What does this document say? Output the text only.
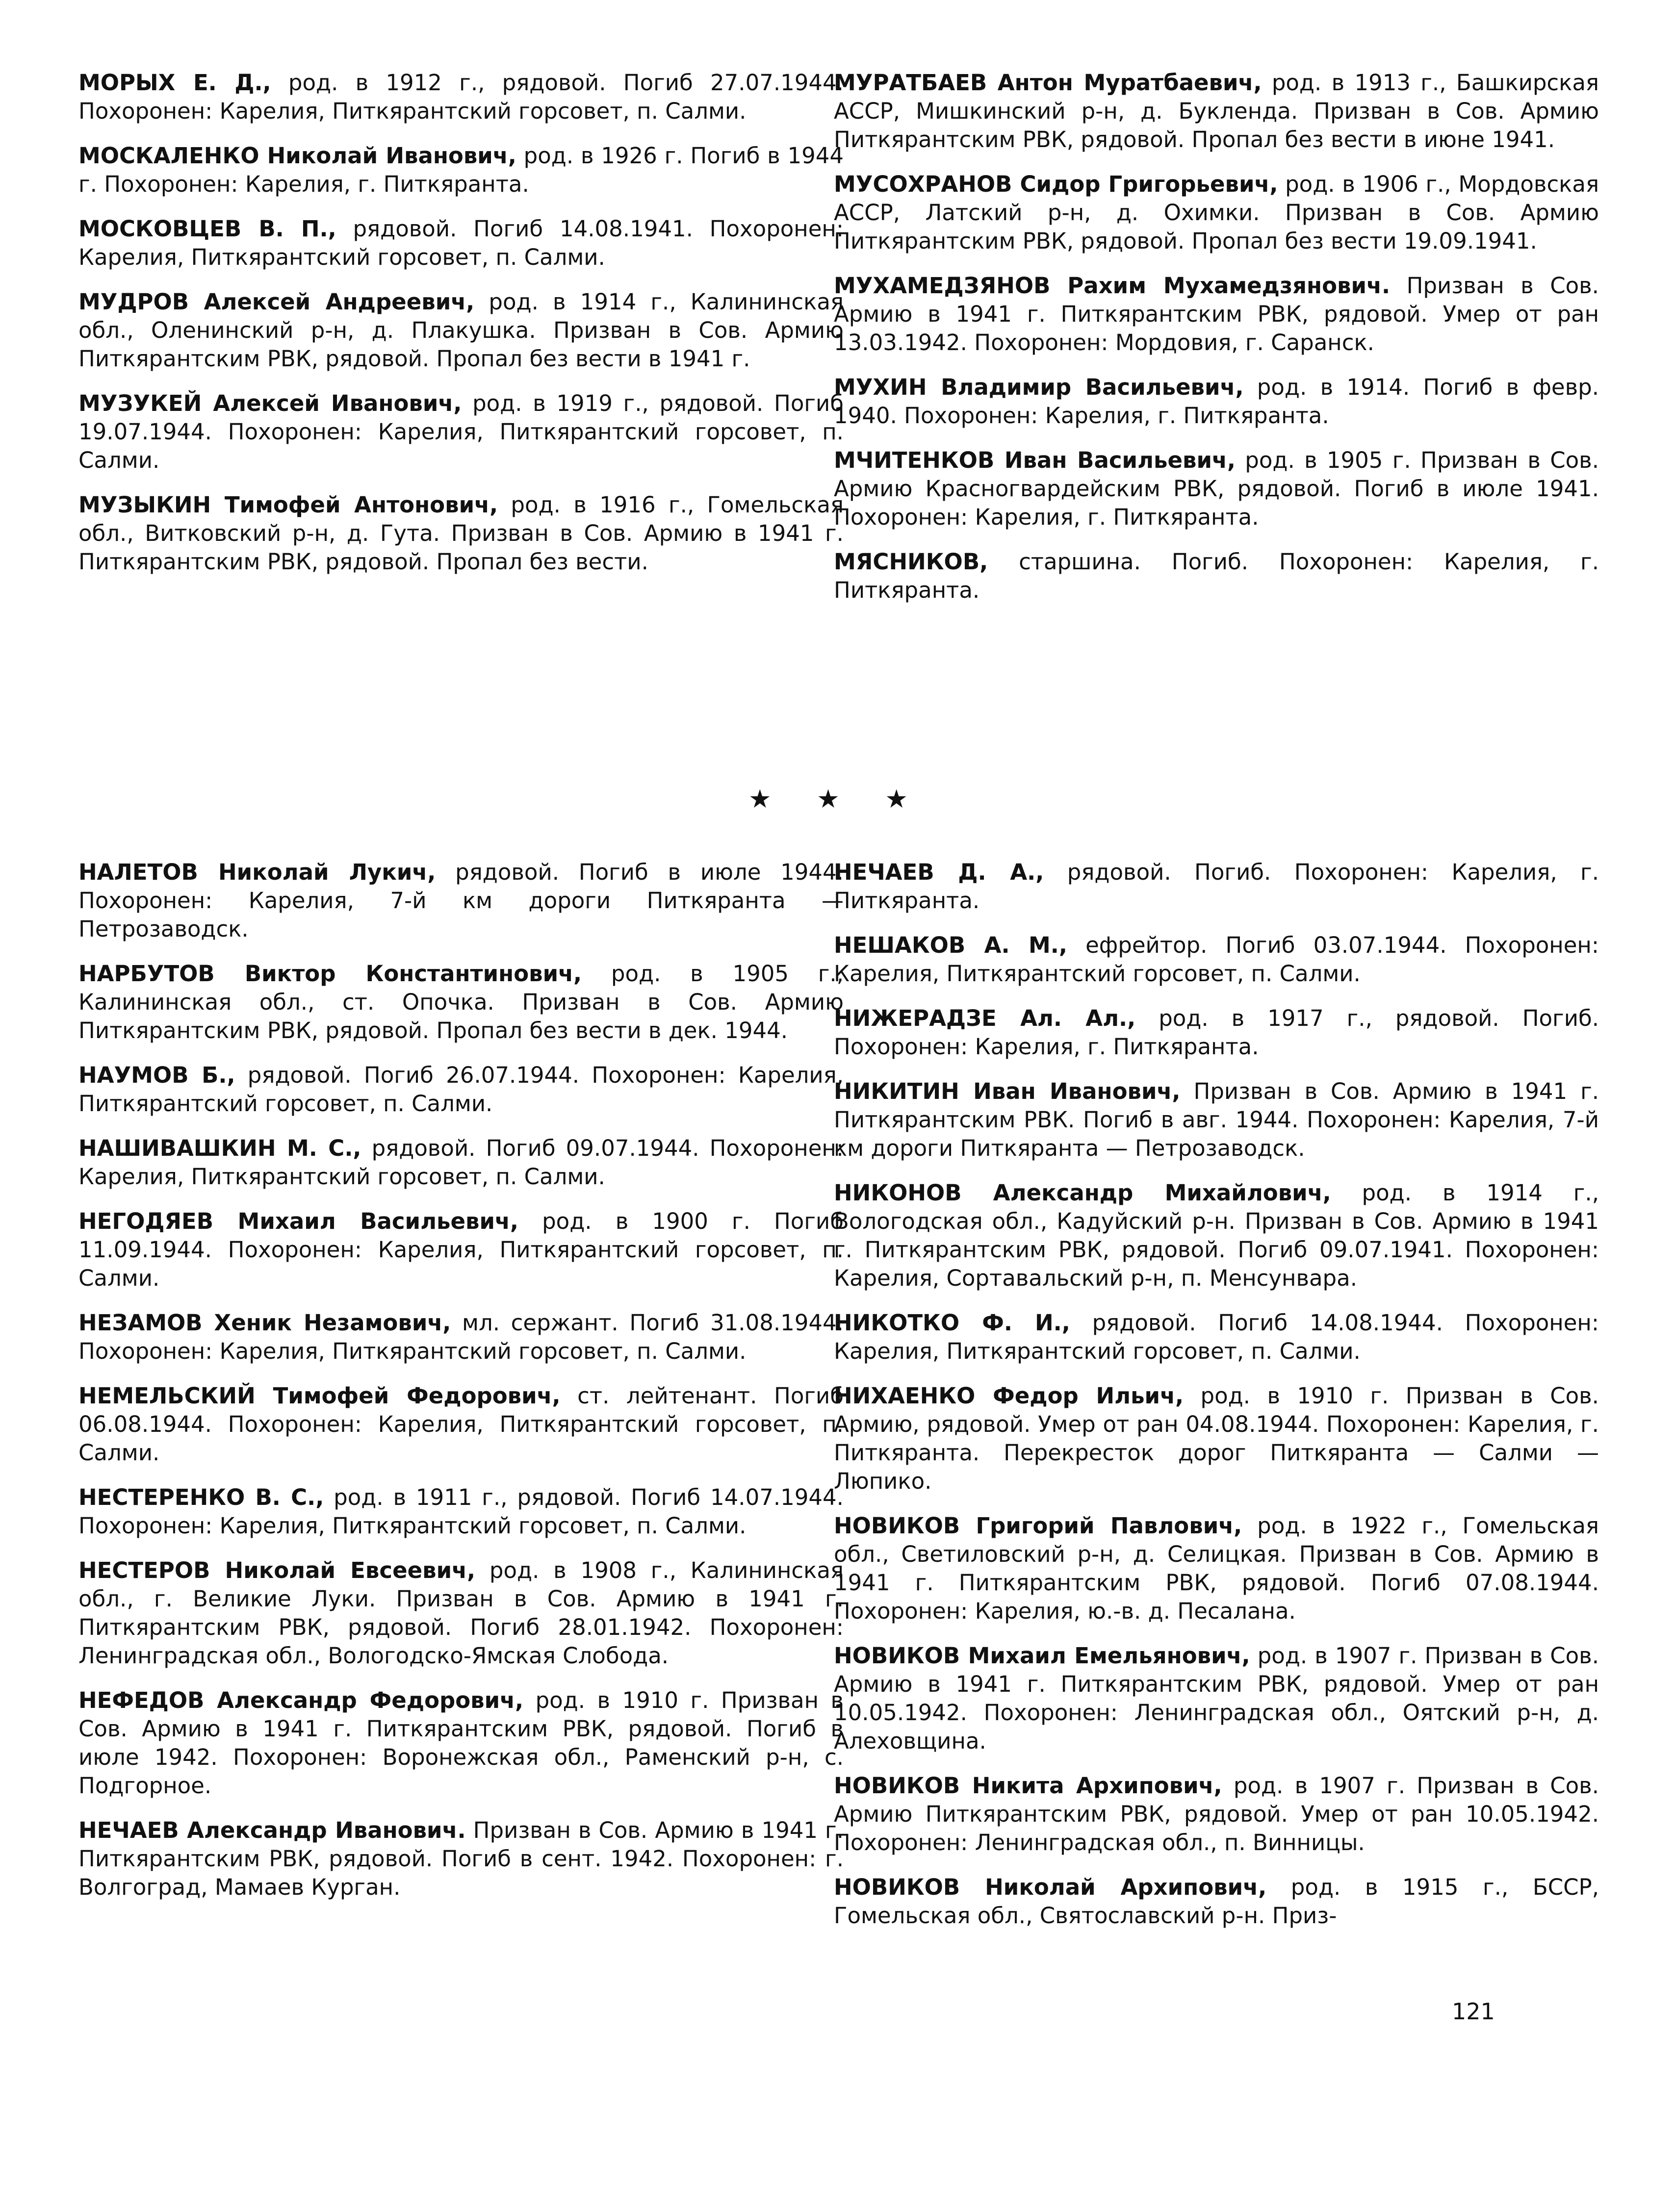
МОРЫХ Е. Д., род. в 1912 г., рядовой. Погиб 27.07.1944. Похоронен: Карелия, Питкярантский горсовет, п. Салми.

МОСКАЛЕНКО Николай Иванович, род. в 1926 г. Погиб в 1944 г. Похоронен: Карелия, г. Питкяранта.

МОСКОВЦЕВ В. П., рядовой. Погиб 14.08.1941. Похоронен: Карелия, Питкярантский горсовет, п. Салми.

МУДРОВ Алексей Андреевич, род. в 1914 г., Калининская обл., Оленинский р-н, д. Плакушка. Призван в Сов. Армию Питкярантским РВК, рядовой. Пропал без вести в 1941 г.

МУЗУКЕЙ Алексей Иванович, род. в 1919 г., рядовой. Погиб 19.07.1944. Похоронен: Карелия, Питкярантский горсовет, п. Салми.

МУЗЫКИН Тимофей Антонович, род. в 1916 г., Гомельская обл., Витковский р-н, д. Гута. Призван в Сов. Армию в 1941 г. Питкярантским РВК, рядовой. Пропал без вести.

МУРАТБАЕВ Антон Муратбаевич, род. в 1913 г., Башкирская АССР, Мишкинский р-н, д. Букленда. Призван в Сов. Армию Питкярантским РВК, рядовой. Пропал без вести в июне 1941.

МУСОХРАНОВ Сидор Григорьевич, род. в 1906 г., Мордовская АССР, Латский р-н, д. Охимки. Призван в Сов. Армию Питкярантским РВК, рядовой. Пропал без вести 19.09.1941.

МУХАМЕДЗЯНОВ Рахим Мухамедзянович. Призван в Сов. Армию в 1941 г. Питкярантским РВК, рядовой. Умер от ран 13.03.1942. Похоронен: Мордовия, г. Саранск.

МУХИН Владимир Васильевич, род. в 1914. Погиб в февр. 1940. Похоронен: Карелия, г. Питкяранта.

МЧИТЕНКОВ Иван Васильевич, род. в 1905 г. Призван в Сов. Армию Красногвардейским РВК, рядовой. Погиб в июле 1941. Похоронен: Карелия, г. Питкяранта.

МЯСНИКОВ, старшина. Погиб. Похоронен: Карелия, г. Питкяранта.

★ ★ ★

НАЛЕТОВ Николай Лукич, рядовой. Погиб в июле 1944. Похоронен: Карелия, 7-й км дороги Питкяранта — Петрозаводск.

НАРБУТОВ Виктор Константинович, род. в 1905 г., Калининская обл., ст. Опочка. Призван в Сов. Армию Питкярантским РВК, рядовой. Пропал без вести в дек. 1944.

НАУМОВ Б., рядовой. Погиб 26.07.1944. Похоронен: Карелия, Питкярантский горсовет, п. Салми.

НАШИВАШКИН М. С., рядовой. Погиб 09.07.1944. Похоронен: Карелия, Питкярантский горсовет, п. Салми.

НЕГОДЯЕВ Михаил Васильевич, род. в 1900 г. Погиб 11.09.1944. Похоронен: Карелия, Питкярантский горсовет, п. Салми.

НЕЗАМОВ Хеник Незамович, мл. сержант. Погиб 31.08.1944. Похоронен: Карелия, Питкярантский горсовет, п. Салми.

НЕМЕЛЬСКИЙ Тимофей Федорович, ст. лейтенант. Погиб 06.08.1944. Похоронен: Карелия, Питкярантский горсовет, п. Салми.

НЕСТЕРЕНКО В. С., род. в 1911 г., рядовой. Погиб 14.07.1944. Похоронен: Карелия, Питкярантский горсовет, п. Салми.

НЕСТЕРОВ Николай Евсеевич, род. в 1908 г., Калининская обл., г. Великие Луки. Призван в Сов. Армию в 1941 г. Питкярантским РВК, рядовой. Погиб 28.01.1942. Похоронен: Ленинградская обл., Вологодско-Ямская Слобода.

НЕФЕДОВ Александр Федорович, род. в 1910 г. Призван в Сов. Армию в 1941 г. Питкярантским РВК, рядовой. Погиб в июле 1942. Похоронен: Воронежская обл., Раменский р-н, с. Подгорное.

НЕЧАЕВ Александр Иванович. Призван в Сов. Армию в 1941 г. Питкярантским РВК, рядовой. Погиб в сент. 1942. Похоронен: г. Волгоград, Мамаев Курган.

НЕЧАЕВ Д. А., рядовой. Погиб. Похоронен: Карелия, г. Питкяранта.

НЕШАКОВ А. М., ефрейтор. Погиб 03.07.1944. Похоронен: Карелия, Питкярантский горсовет, п. Салми.

НИЖЕРАДЗЕ Ал. Ал., род. в 1917 г., рядовой. Погиб. Похоронен: Карелия, г. Питкяранта.

НИКИТИН Иван Иванович, Призван в Сов. Армию в 1941 г. Питкярантским РВК. Погиб в авг. 1944. Похоронен: Карелия, 7-й км дороги Питкяранта — Петрозаводск.

НИКОНОВ Александр Михайлович, род. в 1914 г., Вологодская обл., Кадуйский р-н. Призван в Сов. Армию в 1941 г. Питкярантским РВК, рядовой. Погиб 09.07.1941. Похоронен: Карелия, Сортавальский р-н, п. Менсунвара.

НИКОТКО Ф. И., рядовой. Погиб 14.08.1944. Похоронен: Карелия, Питкярантский горсовет, п. Салми.

НИХАЕНКО Федор Ильич, род. в 1910 г. Призван в Сов. Армию, рядовой. Умер от ран 04.08.1944. Похоронен: Карелия, г. Питкяранта. Перекресток дорог Питкяранта — Салми — Люпико.

НОВИКОВ Григорий Павлович, род. в 1922 г., Гомельская обл., Светиловский р-н, д. Селицкая. Призван в Сов. Армию в 1941 г. Питкярантским РВК, рядовой. Погиб 07.08.1944. Похоронен: Карелия, ю.-в. д. Песалана.

НОВИКОВ Михаил Емельянович, род. в 1907 г. Призван в Сов. Армию в 1941 г. Питкярантским РВК, рядовой. Умер от ран 10.05.1942. Похоронен: Ленинградская обл., Оятский р-н, д. Алеховщина.

НОВИКОВ Никита Архипович, род. в 1907 г. Призван в Сов. Армию Питкярантским РВК, рядовой. Умер от ран 10.05.1942. Похоронен: Ленинградская обл., п. Винницы.

НОВИКОВ Николай Архипович, род. в 1915 г., БССР, Гомельская обл., Святославский р-н. Приз-

121
